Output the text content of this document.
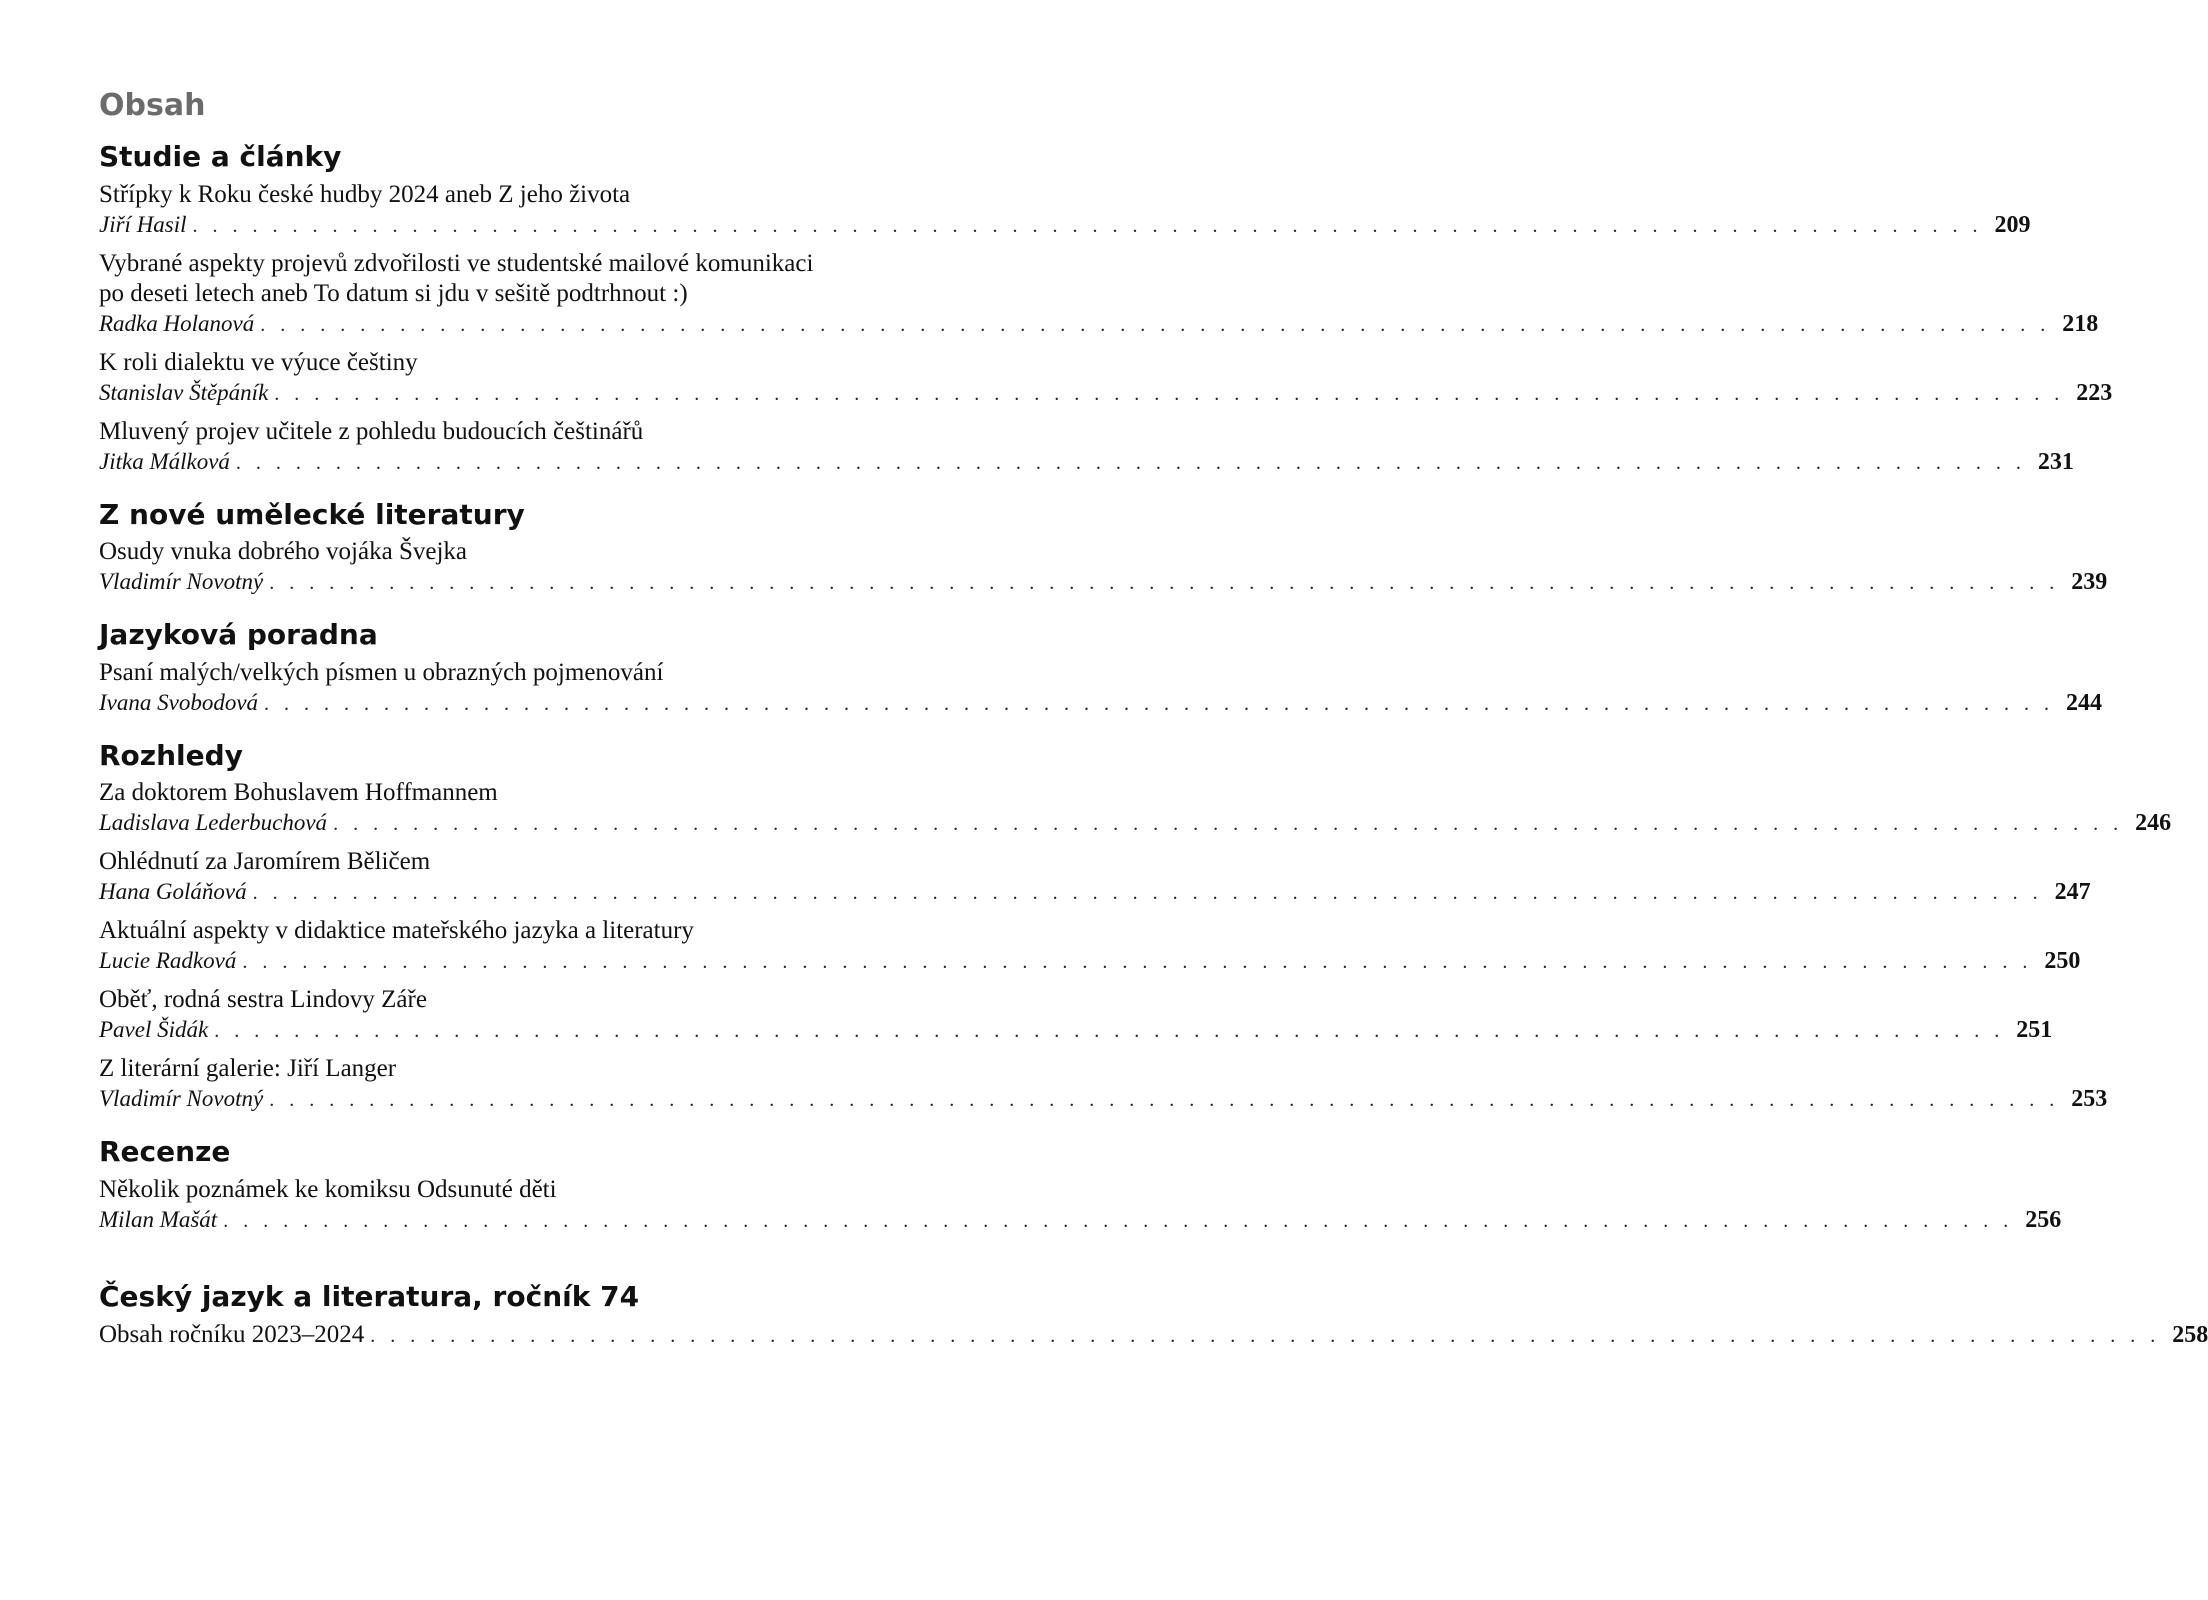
Obsah
Studie a články
Střípky k Roku české hudby 2024 aneb Z jeho života
Jiří Hasil . . . . . . . . . . . . . . . . . . . . . . . . . . . . . . . . . . . . . . . . . . . . . . . . . . . . . . . . . . . . . . . . . . . . . . . . . . . . . . . . . . . . . . . . . . 209
Vybrané aspekty projevů zdvořilosti ve studentské mailové komunikaci
po deseti letech aneb To datum si jdu v sešitě podtrhnout :)
Radka Holanová . . . . . . . . . . . . . . . . . . . . . . . . . . . . . . . . . . . . . . . . . . . . . . . . . . . . . . . . . . . . . . . . . . . . . . . . . . . . . . . . . . . . . . . . . . 218
K roli dialektu ve výuce češtiny
Stanislav Štěpáník . . . . . . . . . . . . . . . . . . . . . . . . . . . . . . . . . . . . . . . . . . . . . . . . . . . . . . . . . . . . . . . . . . . . . . . . . . . . . . . . . . . . . . . . . . 223
Mluvený projev učitele z pohledu budoucích češtinářů
Jitka Málková . . . . . . . . . . . . . . . . . . . . . . . . . . . . . . . . . . . . . . . . . . . . . . . . . . . . . . . . . . . . . . . . . . . . . . . . . . . . . . . . . . . . . . . . . . 231
Z nové umělecké literatury
Osudy vnuka dobrého vojáka Švejka
Vladimír Novotný . . . . . . . . . . . . . . . . . . . . . . . . . . . . . . . . . . . . . . . . . . . . . . . . . . . . . . . . . . . . . . . . . . . . . . . . . . . . . . . . . . . . . . . . . . 239
Jazyková poradna
Psaní malých/velkých písmen u obrazných pojmenování
Ivana Svobodová . . . . . . . . . . . . . . . . . . . . . . . . . . . . . . . . . . . . . . . . . . . . . . . . . . . . . . . . . . . . . . . . . . . . . . . . . . . . . . . . . . . . . . . . . . 244
Rozhledy
Za doktorem Bohuslavem Hoffmannem
Ladislava Lederbuchová . . . . . . . . . . . . . . . . . . . . . . . . . . . . . . . . . . . . . . . . . . . . . . . . . . . . . . . . . . . . . . . . . . . . . . . . . . . . . . . . . . . . . . . . . . 246
Ohlédnutí za Jaromírem Běličem
Hana Goláňová . . . . . . . . . . . . . . . . . . . . . . . . . . . . . . . . . . . . . . . . . . . . . . . . . . . . . . . . . . . . . . . . . . . . . . . . . . . . . . . . . . . . . . . . . . 247
Aktuální aspekty v didaktice mateřského jazyka a literatury
Lucie Radková . . . . . . . . . . . . . . . . . . . . . . . . . . . . . . . . . . . . . . . . . . . . . . . . . . . . . . . . . . . . . . . . . . . . . . . . . . . . . . . . . . . . . . . . . . 250
Oběť, rodná sestra Lindovy Záře
Pavel Šidák . . . . . . . . . . . . . . . . . . . . . . . . . . . . . . . . . . . . . . . . . . . . . . . . . . . . . . . . . . . . . . . . . . . . . . . . . . . . . . . . . . . . . . . . . . 251
Z literární galerie: Jiří Langer
Vladimír Novotný . . . . . . . . . . . . . . . . . . . . . . . . . . . . . . . . . . . . . . . . . . . . . . . . . . . . . . . . . . . . . . . . . . . . . . . . . . . . . . . . . . . . . . . . . . 253
Recenze
Několik poznámek ke komiksu Odsunuté děti
Milan Mašát . . . . . . . . . . . . . . . . . . . . . . . . . . . . . . . . . . . . . . . . . . . . . . . . . . . . . . . . . . . . . . . . . . . . . . . . . . . . . . . . . . . . . . . . . . 256
Český jazyk a literatura, ročník 74
Obsah ročníku 2023–2024 . . . . . . . . . . . . . . . . . . . . . . . . . . . . . . . . . . . . . . . . . . . . . . . . . . . . . . . . . . . . . . . . . . . . . . . . . . . . . . . . . . . . . . . . . . 258
